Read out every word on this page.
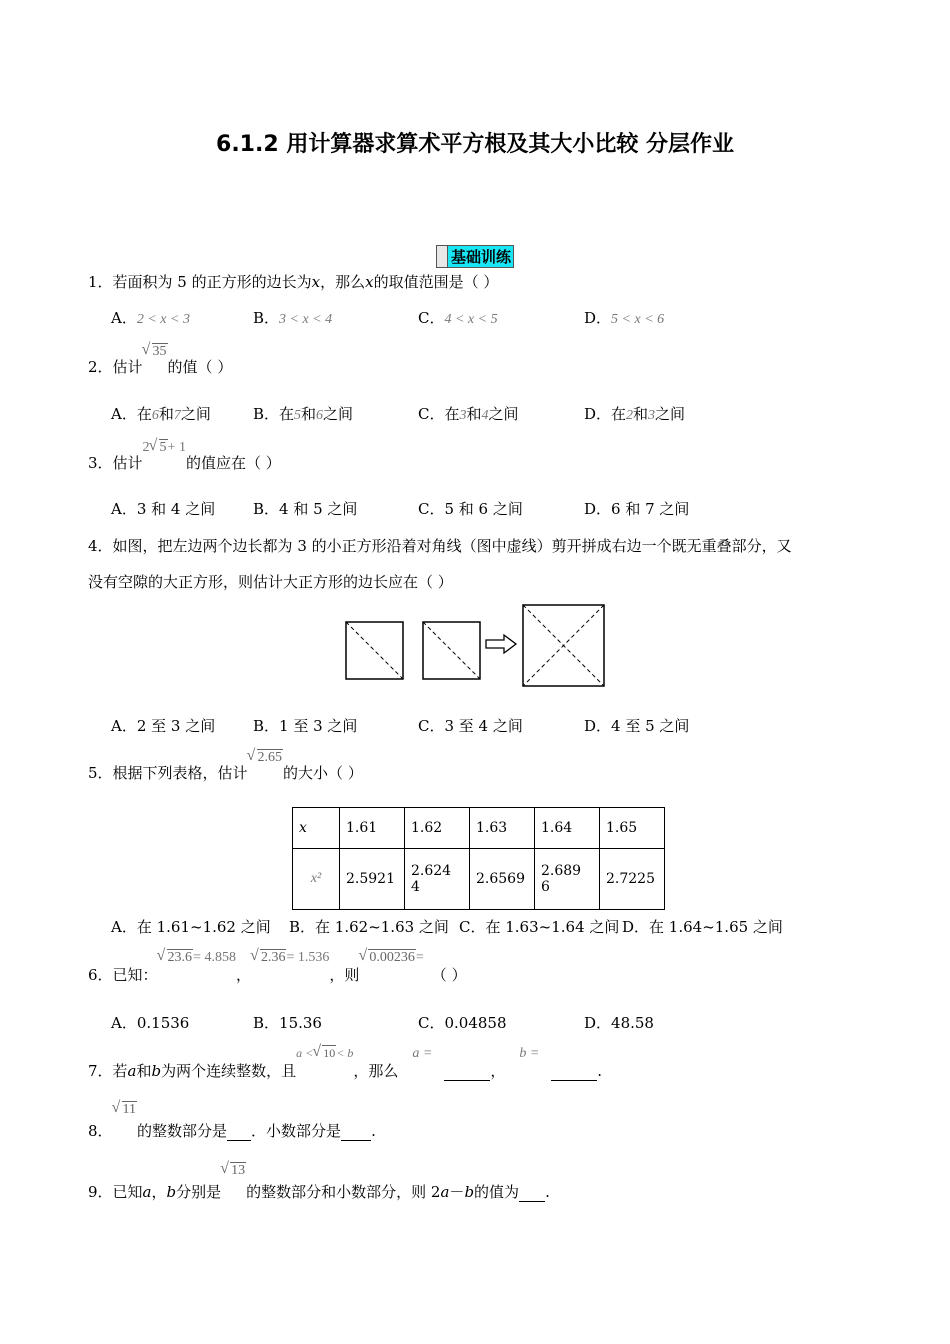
6.1.2 用计算器求算术平方根及其大小比较 分层作业
基础训练
1．若面积为 5 的正方形的边长为x，那么x的取值范围是（ ）
A．2 < x < 3	B．3 < x < 4	C．4 < x < 5	D．5 < x < 6
2．估计√ 35的值（ ）
A．在6和7之间	B．在5和6之间	C．在3和4之间	D．在2和3之间
3．估计2 √ 5+ 1的值应在（ ）
A．3 和 4 之间	B．4 和 5 之间	C．5 和 6 之间	D．6 和 7 之间
4．如图，把左边两个边长都为 3 的小正方形沿着对角线（图中虚线）剪开拼成右边一个既无重叠部分，又
没有空隙的大正方形，则估计大正方形的边长应在（ ）
A．2 至 3 之间	B．1 至 3 之间	C．3 至 4 之间	D．4 至 5 之间
5．根据下列表格，估计√ 2.65的大小（ ）
x	1.61	1.62	1.63	1.64	1.65
x²	2.5921	2.624 4	2.6569	2.689 6	2.7225
A．在 1.61~1.62 之间 B．在 1.62~1.63 之间 C．在 1.63~1.64 之间 D．在 1.64~1.65 之间
6．已知：√ 23.6= 4.858，√ 2.36= 1.536，则√ 0.00236=（ ）
A．0.1536	B．15.36	C．0.04858	D．48.58
7．若a和b为两个连续整数，且$^{a <}$ √ $10^{< b}$，那么a =，b =.
8．√ 11的整数部分是 ．小数部分是 .
9．已知a，b分别是√ 13的整数部分和小数部分，则 2a－b的值为 .
